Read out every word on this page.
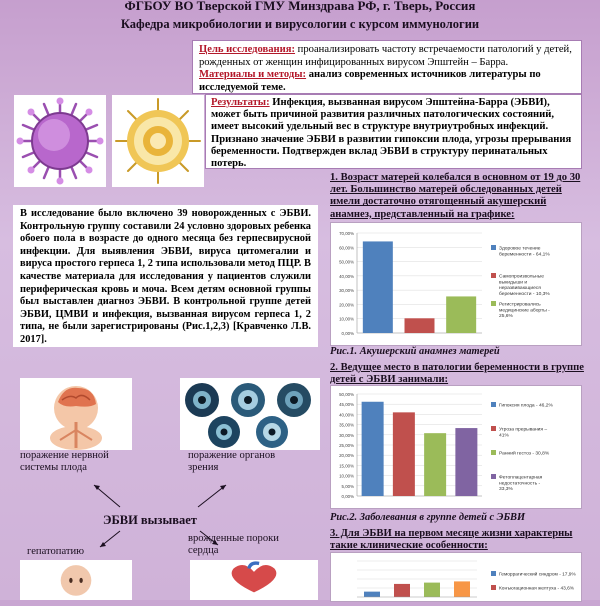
ФГБОУ ВО Тверской ГМУ Минздрава РФ, г. Тверь, Россия
Кафедра микробиологии и вирусологии с курсом иммунологии
Цель исследования: проанализировать частоту встречаемости патологий у детей, рожденных от женщин инфицированных вирусом Эпштейн – Барра.
Материалы и методы: анализ современных источников литературы по исследуемой теме.
Результаты: Инфекция, вызванная вирусом Эпштейна-Барра (ЭБВИ), может быть причиной развития различных патологических состояний, имеет высокий удельный вес в структуре внутриутробных инфекций. Признано значение ЭБВИ в развитии гипоксии плода, угрозы прерывания беременности. Подтвержден вклад ЭБВИ в структуру перинатальных потерь.
В исследование было включено 39 новорожденных с ЭБВИ. Контрольную группу составили 24 условно здоровых ребенка обоего пола в возрасте до одного месяца без герпесвирусной инфекции. Для выявления ЭБВИ, вируса цитомегалии и вируса простого герпеса 1, 2 типа использовали метод ПЦР. В качестве материала для исследования у пациентов служили периферическая кровь и моча. Всем детям основной группы был выставлен диагноз ЭБВИ. В контрольной группе детей ЭБВИ, ЦМВИ и инфекция, вызванная вирусом герпеса 1, 2 типа, не были зарегистрированы (Рис.1,2,3) [Кравченко Л.В. 2017].
1. Возраст матерей колебался в основном от 19 до 30 лет. Большинство матерей обследованных детей имели достаточно отягощенный акушерский анамнез, представленный на графике:
0,00%
10,00%
20,00%
30,00%
40,00%
50,00%
60,00%
70,00%
Здоровое течение беременности - 64,1%
Самопроизвольные выкидыши и неразвивающиеся беременности - 10,3%
Регистрировались медицинские аборты -25,6%
Рис.1. Акушерский анамнез матерей
2. Ведущее место в патологии беременности в группе детей с ЭБВИ занимали:
0,00%
5,00%
10,00%
15,00%
20,00%
25,00%
30,00%
35,00%
40,00%
45,00%
50,00%
Гипоксия плода - 46,2%
Угроза прерывания – 41%
Ранний гестоз - 30,8%
Фетоплацентарная недостаточность -33,3%
Рис.2. Заболевания в группе детей с ЭБВИ
3. Для ЭБВИ на первом месяце жизни характерны такие клинические особенности:
Геморрагический синдром - 17,9%
Конъюгационная желтуха - 43,6%
поражение нервной системы плода
поражение органов зрения
ЭБВИ вызывает
гепатопатию
врожденные пороки сердца
